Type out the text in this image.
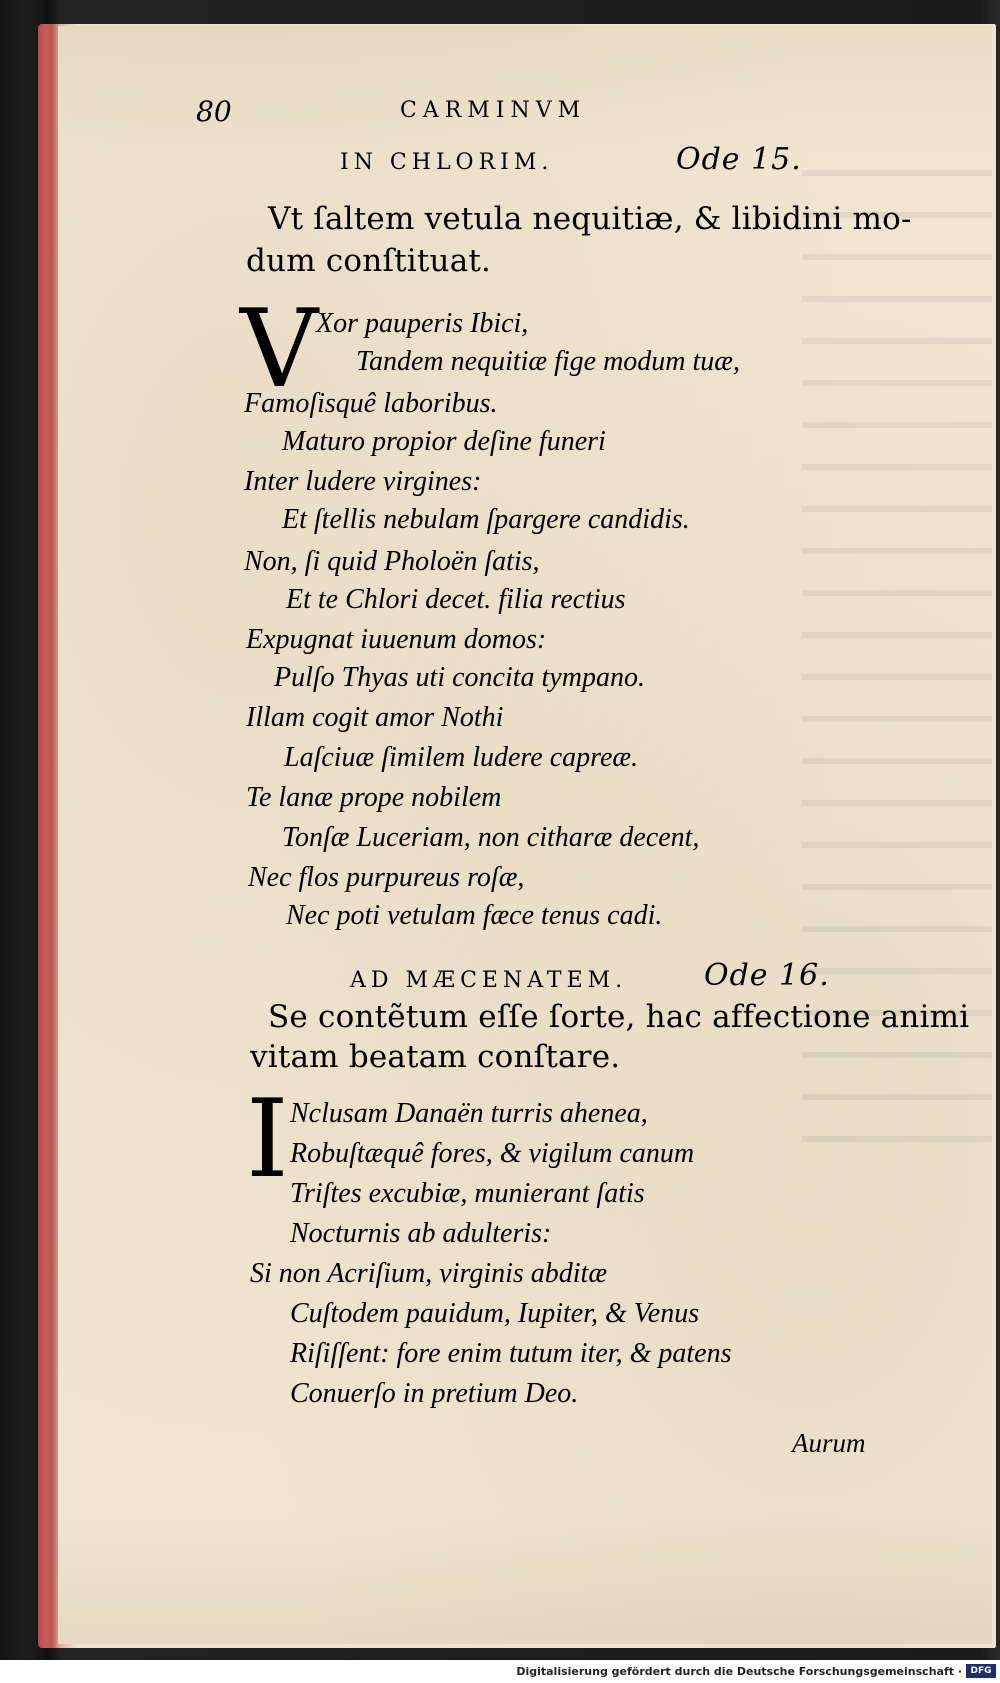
80	CARMINVM
IN CHLORIM.	Ode 15.
Vt ſaltem vetula nequitiæ, & libidini mo-
dum conſtituat.
V
Xor pauperis Ibici,
Tandem nequitiæ fige modum tuæ,
Famoſisquê laboribus.
Maturo propior deſine funeri
Inter ludere virgines:
Et ſtellis nebulam ſpargere candidis.
Non, ſi quid Pholoën ſatis,
Et te Chlori decet. filia rectius
Expugnat iuuenum domos:
Pulſo Thyas uti concita tympano.
Illam cogit amor Nothi
Laſciuæ ſimilem ludere capreæ.
Te lanæ prope nobilem
Tonſæ Luceriam, non citharæ decent,
Nec flos purpureus roſæ,
Nec poti vetulam fæce tenus cadi.
AD MÆCENATEM.	Ode 16.
Se contẽtum eſſe ſorte, hac affectione animi
vitam beatam conſtare.
I Nclusam Danaën turris ahenea,
Robuſtæquê fores, & vigilum canum
Triſtes excubiæ, munierant ſatis
Nocturnis ab adulteris:
Si non Acriſium, virginis abditæ
Cuſtodem pauidum, Iupiter, & Venus
Riſiſſent: fore enim tutum iter, & patens
Conuerſo in pretium Deo.
Aurum
Digitalisierung gefördert durch die Deutsche Forschungsgemeinschaft · DFG
